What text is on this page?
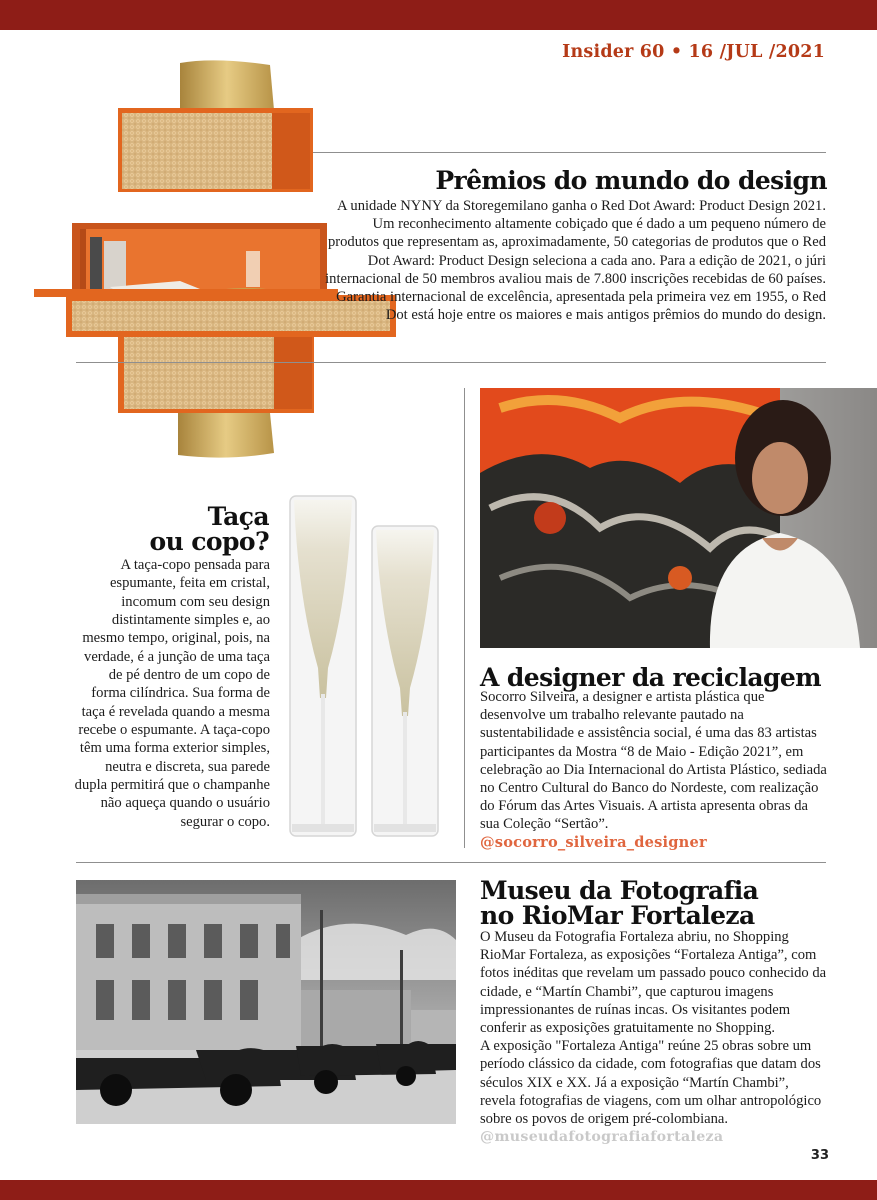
Insider 60 • 16 /JUL /2021
Prêmios do mundo do design

A unidade NYNY da Storegemilano ganha o Red Dot Award: Product Design 2021. Um reconhecimento altamente cobiçado que é dado a um pequeno número de produtos que representam as, aproximadamente, 50 categorias de produtos que o Red Dot Award: Product Design seleciona a cada ano. Para a edição de 2021, o júri internacional de 50 membros avaliou mais de 7.800 inscrições recebidas de 60 países. Garantia internacional de excelência, apresentada pela primeira vez em 1955, o Red Dot está hoje entre os maiores e mais antigos prêmios do mundo do design.

Taça
ou copo?

A taça-copo pensada para espumante, feita em cristal, incomum com seu design distintamente simples e, ao mesmo tempo, original, pois, na verdade, é a junção de uma taça de pé dentro de um copo de forma cilíndrica. Sua forma de taça é revelada quando a mesma recebe o espumante. A taça-copo têm uma forma exterior simples, neutra e discreta, sua parede dupla permitirá que o champanhe não aqueça quando o usuário segurar o copo.

A designer da reciclagem

Socorro Silveira, a designer e artista plástica que desenvolve um trabalho relevante pautado na sustentabilidade e assistência social, é uma das 83 artistas participantes da Mostra “8 de Maio - Edição 2021”, em celebração ao Dia Internacional do Artista Plástico, sediada no Centro Cultural do Banco do Nordeste, com realização do Fórum das Artes Visuais. A artista apresenta obras da sua Coleção “Sertão”. @socorro_silveira_designer

Museu da Fotografia
no RioMar Fortaleza

O Museu da Fotografia Fortaleza abriu, no Shopping RioMar Fortaleza, as exposições “Fortaleza Antiga”, com fotos inéditas que revelam um passado pouco conhecido da cidade, e “Martín Chambi”, que capturou imagens impressionantes de ruínas incas. Os visitantes podem conferir as exposições gratuitamente no Shopping.

A exposição "Fortaleza Antiga" reúne 25 obras sobre um período clássico da cidade, com fotografias que datam dos séculos XIX e XX. Já a exposição “Martín Chambi”, revela fotografias de viagens, com um olhar antropológico sobre os povos de origem pré-colombiana.

@museudafotografiafortaleza

33
